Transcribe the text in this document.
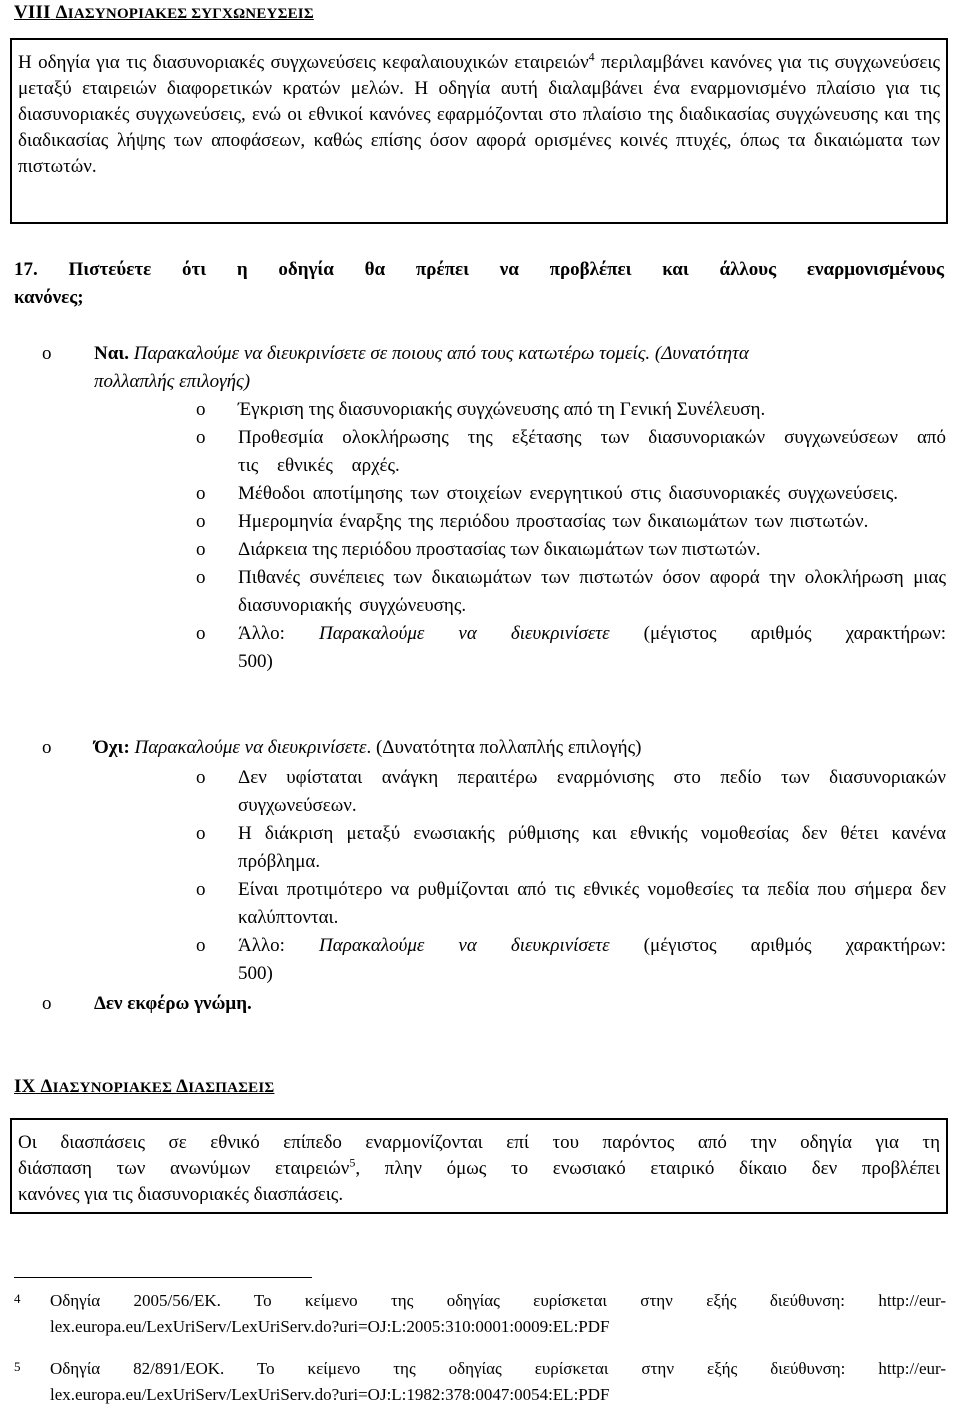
VIII ΔΙΑΣΥΝΟΡΙΑΚΕΣ ΣΥΓΧΩΝΕΥΣΕΙΣ

Η οδηγία για τις διασυνοριακές συγχωνεύσεις κεφαλαιουχικών εταιρειών$^4$ περιλαμβάνει κανόνες για τις συγχωνεύσεις μεταξύ εταιρειών διαφορετικών κρατών μελών. Η οδηγία αυτή διαλαμβάνει ένα εναρμονισμένο πλαίσιο για τις διασυνοριακές συγχωνεύσεις, ενώ οι εθνικοί κανόνες εφαρμόζονται στο πλαίσιο της διαδικασίας συγχώνευσης και της διαδικασίας λήψης των αποφάσεων, καθώς επίσης όσον αφορά ορισμένες κοινές πτυχές, όπως τα δικαιώματα των πιστωτών.

17. Πιστεύετε ότι η οδηγία θα πρέπει να προβλέπει και άλλους εναρμονισμένους
κανόνες;
o	Ναι. Παρακαλούμε να διευκρινίσετε σε ποιους από τους κατωτέρω τομείς. (Δυνατότητα
πολλαπλής επιλογής)
o	Έγκριση της διασυνοριακής συγχώνευσης από τη Γενική Συνέλευση.
o	Προθεσμία ολοκλήρωσης της εξέτασης των διασυνοριακών συγχωνεύσεων από τις εθνικές αρχές.
o	Μέθοδοι αποτίμησης των στοιχείων ενεργητικού στις διασυνοριακές συγχωνεύσεις.
o	Ημερομηνία έναρξης της περιόδου προστασίας των δικαιωμάτων των πιστωτών.
o	Διάρκεια της περιόδου προστασίας των δικαιωμάτων των πιστωτών.
o	Πιθανές συνέπειες των δικαιωμάτων των πιστωτών όσον αφορά την ολοκλήρωση μιας διασυνοριακής συγχώνευσης.
o	Άλλο: Παρακαλούμε να διευκρινίσετε (μέγιστος αριθμός χαρακτήρων:
500)
o	Όχι: Παρακαλούμε να διευκρινίσετε. (Δυνατότητα πολλαπλής επιλογής)
o	Δεν υφίσταται ανάγκη περαιτέρω εναρμόνισης στο πεδίο των διασυνοριακών συγχωνεύσεων.
o	Η διάκριση μεταξύ ενωσιακής ρύθμισης και εθνικής νομοθεσίας δεν θέτει κανένα πρόβλημα.
o	Είναι προτιμότερο να ρυθμίζονται από τις εθνικές νομοθεσίες τα πεδία που σήμερα δεν καλύπτονται.
o	Άλλο: Παρακαλούμε να διευκρινίσετε (μέγιστος αριθμός χαρακτήρων:
500)
o	Δεν εκφέρω γνώμη.
IX ΔΙΑΣΥΝΟΡΙΑΚΕΣ ΔΙΑΣΠΑΣΕΙΣ
Οι διασπάσεις σε εθνικό επίπεδο εναρμονίζονται επί του παρόντος από την οδηγία για τη
διάσπαση των ανωνύμων εταιρειών$^5$, πλην όμως το ενωσιακό εταιρικό δίκαιο δεν προβλέπει
κανόνες για τις διασυνοριακές διασπάσεις.
4	Οδηγία 2005/56/ΕΚ. Το κείμενο της οδηγίας ευρίσκεται στην εξής διεύθυνση: http://eur-
lex.europa.eu/LexUriServ/LexUriServ.do?uri=OJ:L:2005:310:0001:0009:EL:PDF
5	Οδηγία 82/891/ΕΟΚ. Το κείμενο της οδηγίας ευρίσκεται στην εξής διεύθυνση: http://eur-
lex.europa.eu/LexUriServ/LexUriServ.do?uri=OJ:L:1982:378:0047:0054:EL:PDF
